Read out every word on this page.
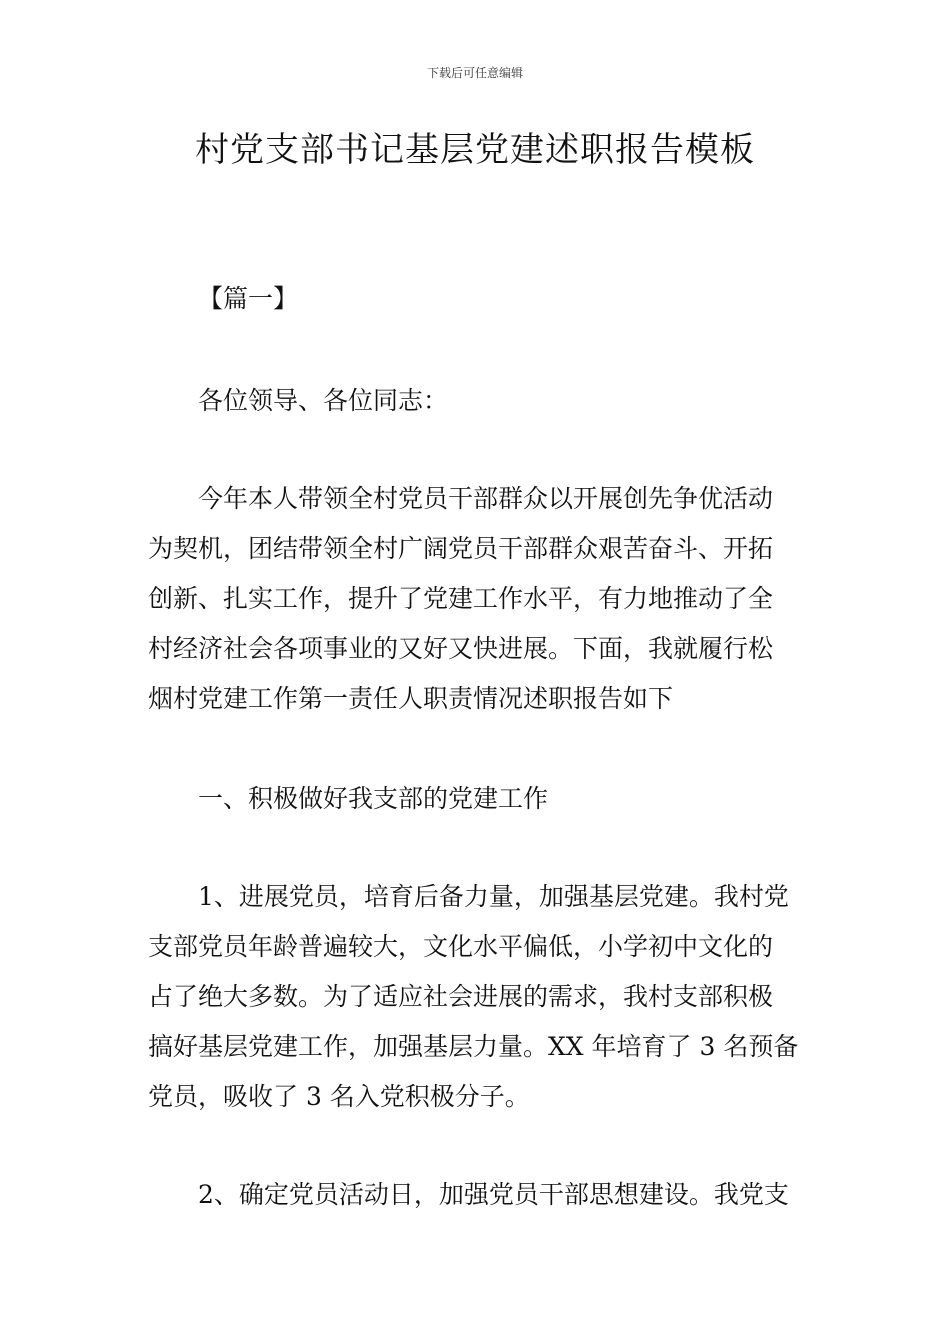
下载后可任意编辑
村党支部书记基层党建述职报告模板
【篇一】
各位领导、各位同志：
今年本人带领全村党员干部群众以开展创先争优活动
为契机，团结带领全村广阔党员干部群众艰苦奋斗、开拓
创新、扎实工作，提升了党建工作水平，有力地推动了全
村经济社会各项事业的又好又快进展。下面，我就履行松
烟村党建工作第一责任人职责情况述职报告如下
一、积极做好我支部的党建工作
1、进展党员，培育后备力量，加强基层党建。我村党
支部党员年龄普遍较大，文化水平偏低，小学初中文化的
占了绝大多数。为了适应社会进展的需求，我村支部积极
搞好基层党建工作，加强基层力量。XX 年培育了 3 名预备
党员，吸收了 3 名入党积极分子。
2、确定党员活动日，加强党员干部思想建设。我党支
